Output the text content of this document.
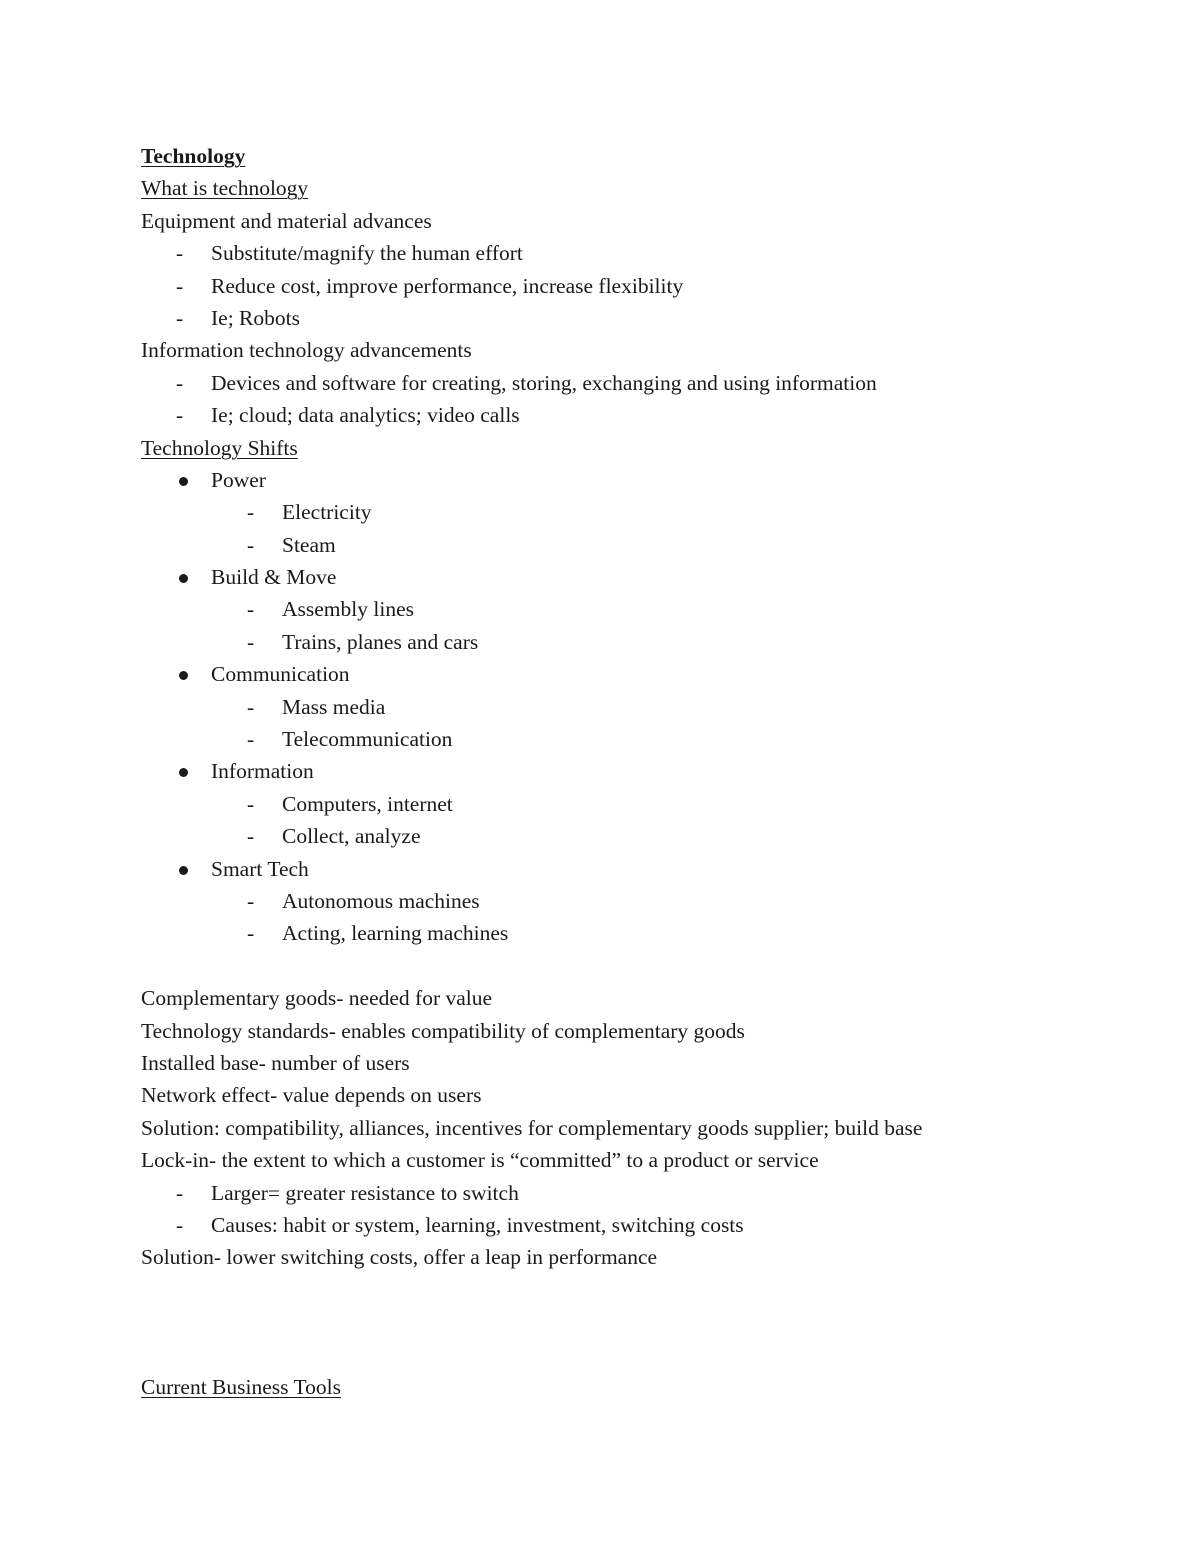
Technology
What is technology
Equipment and material advances
- Substitute/magnify the human effort
- Reduce cost, improve performance, increase flexibility
- Ie; Robots
Information technology advancements
- Devices and software for creating, storing, exchanging and using information
- Ie; cloud; data analytics; video calls
Technology Shifts
Power
- Electricity
- Steam
Build & Move
- Assembly lines
- Trains, planes and cars
Communication
- Mass media
- Telecommunication
Information
- Computers, internet
- Collect, analyze
Smart Tech
- Autonomous machines
- Acting, learning machines
Complementary goods- needed for value
Technology standards- enables compatibility of complementary goods
Installed base- number of users
Network effect- value depends on users
Solution: compatibility, alliances, incentives for complementary goods supplier; build base
Lock-in- the extent to which a customer is “committed” to a product or service
- Larger= greater resistance to switch
- Causes: habit or system, learning, investment, switching costs
Solution- lower switching costs, offer a leap in performance
Current Business Tools
